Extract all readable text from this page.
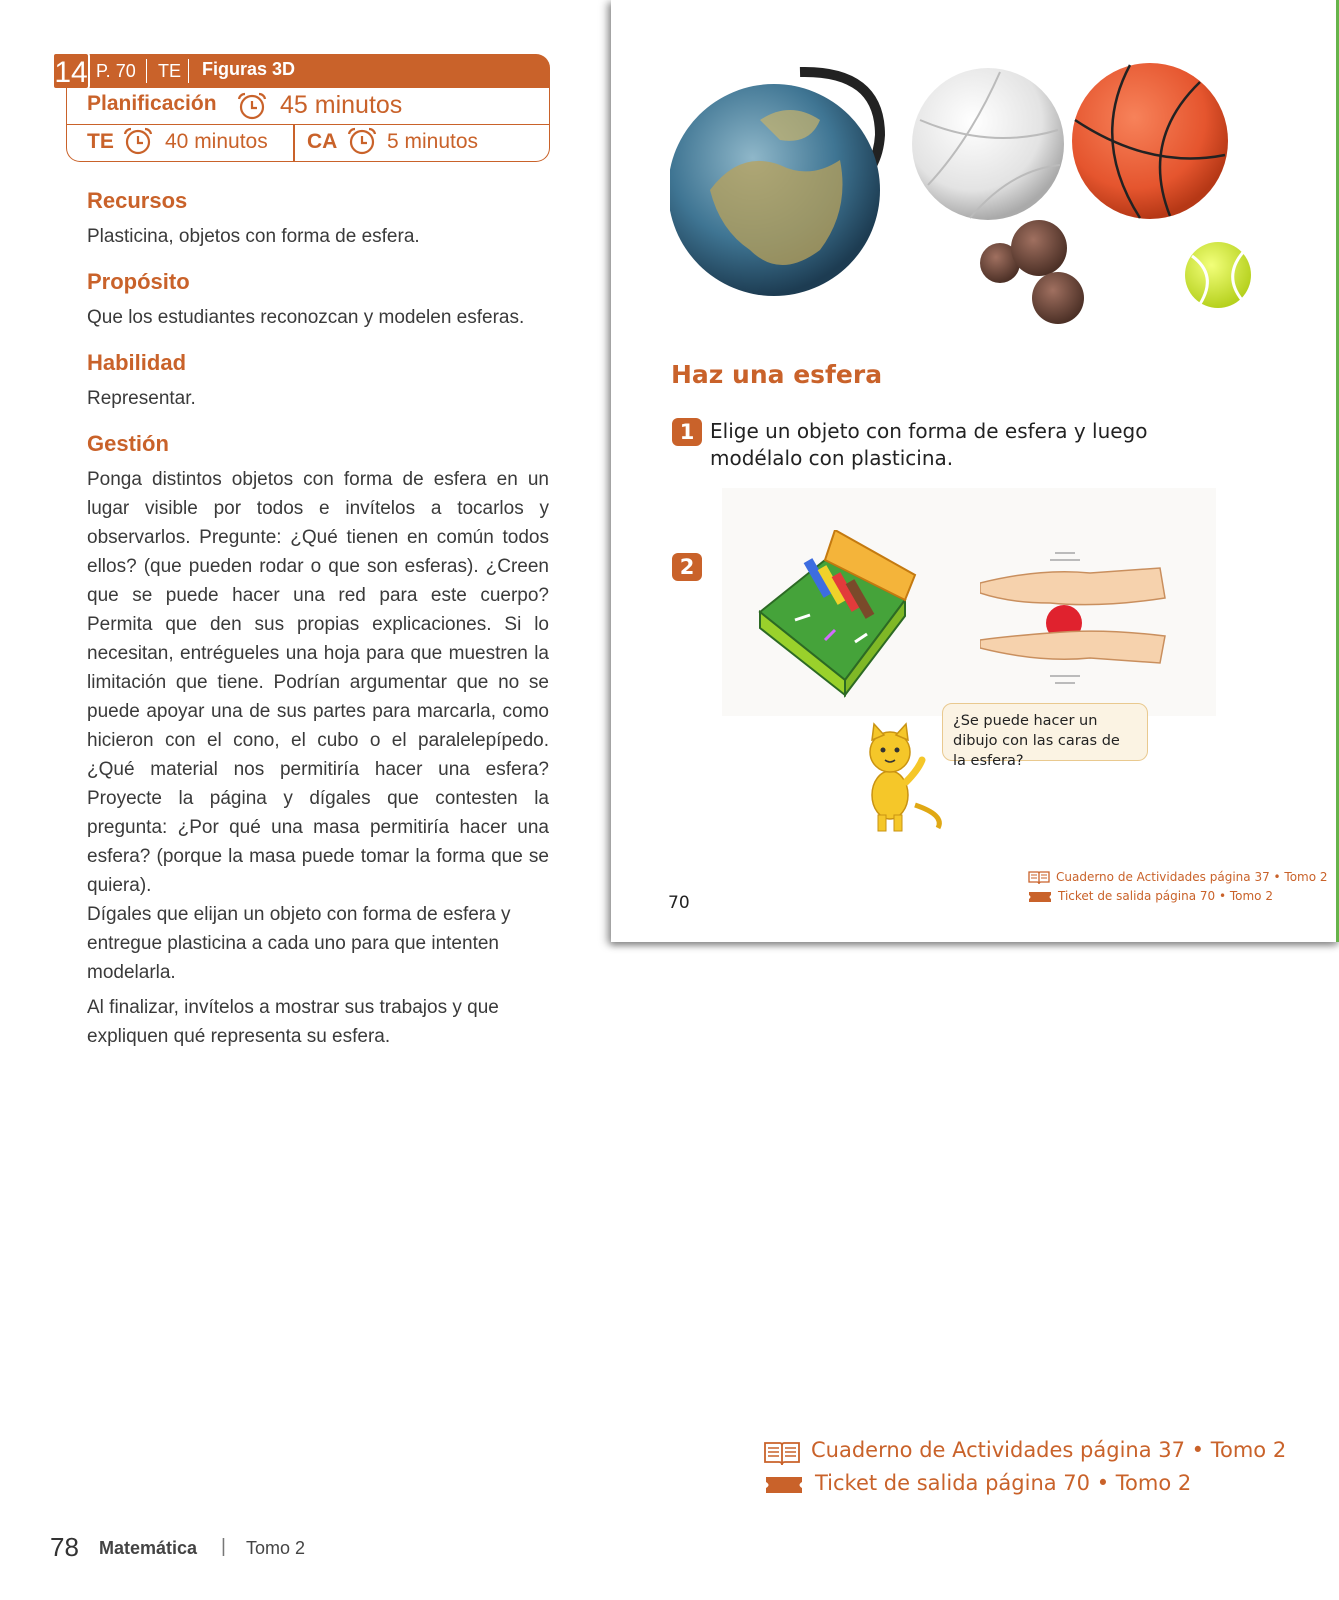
P. 70 TE Figuras 3D
14
Planificación	45 minutos
TE 40 minutos CA 5 minutos
Recursos

Plasticina, objetos con forma de esfera.

Propósito

Que los estudiantes reconozcan y modelen esferas.

Habilidad

Representar.

Gestión

Ponga distintos objetos con forma de esfera en un lugar visible por todos e invítelos a tocarlos y observarlos. Pregunte: ¿Qué tienen en común todos ellos? (que pueden rodar o que son esferas). ¿Creen que se puede hacer una red para este cuerpo? Permita que den sus propias explicaciones. Si lo necesitan, entrégueles una hoja para que muestren la limitación que tiene. Podrían argumentar que no se puede apoyar una de sus partes para marcarla, como hicieron con el cono, el cubo o el paralelepípedo. ¿Qué material nos permitiría hacer una esfera? Proyecte la página y dígales que contesten la pregunta: ¿Por qué una masa permitiría hacer una esfera? (porque la masa puede tomar la forma que se quiera).

Dígales que elijan un objeto con forma de esfera y entregue plasticina a cada uno para que intenten modelarla.

Al finalizar, invítelos a mostrar sus trabajos y que expliquen qué representa su esfera.

Haz una esfera
1 Elige un objeto con forma de esfera y luego modélalo con plasticina.
2
¿Se puede hacer un dibujo con las caras de la esfera?
70
Cuaderno de Actividades página 37 • Tomo 2
Ticket de salida página 70 • Tomo 2
Cuaderno de Actividades página 37 • Tomo 2
Ticket de salida página 70 • Tomo 2
78 Matemática | Tomo 2
